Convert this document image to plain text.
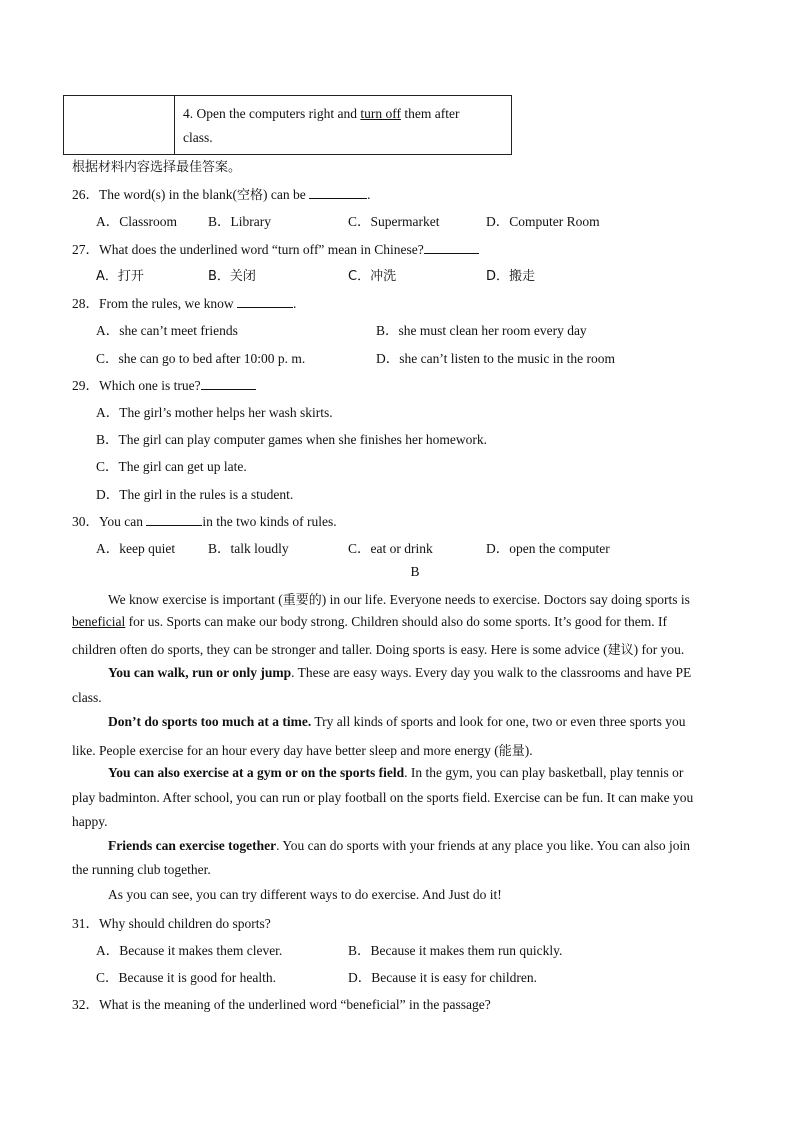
4. Open the computers right and turn off them after
class.
根据材料内容选择最佳答案。
26．The word(s) in the blank(空格) can be	.
A．Classroom B．Library	C．Supermarket	D．Computer Room
27．What does the underlined word “turn off” mean in Chinese?
A．打开	B．关闭	C．冲洗	D．搬走
28．From the rules, we know	.
A．she can’t meet friends	B．she must clean her room every day
C．she can go to bed after 10:00 p. m.	D．she can’t listen to the music in the room
29．Which one is true?
A．The girl’s mother helps her wash skirts.
B．The girl can play computer games when she finishes her homework.
C．The girl can get up late.
D．The girl in the rules is a student.
30．You can	in the two kinds of rules.
A．keep quiet B．talk loudly	C．eat or drink	D．open the computer
B
We know exercise is important (重要的) in our life. Everyone needs to exercise. Doctors say doing sports is
beneficial for us. Sports can make our body strong. Children should also do some sports. It’s good for them. If
children often do sports, they can be stronger and taller. Doing sports is easy. Here is some advice (建议) for you.
You can walk, run or only jump. These are easy ways. Every day you walk to the classrooms and have PE
class.
Don’t do sports too much at a time. Try all kinds of sports and look for one, two or even three sports you
like. People exercise for an hour every day have better sleep and more energy (能量).
You can also exercise at a gym or on the sports field. In the gym, you can play basketball, play tennis or
play badminton. After school, you can run or play football on the sports field. Exercise can be fun. It can make you
happy.
Friends can exercise together. You can do sports with your friends at any place you like. You can also join
the running club together.
As you can see, you can try different ways to do exercise. And Just do it!
31．Why should children do sports?
A．Because it makes them clever.	B．Because it makes them run quickly.
C．Because it is good for health.	D．Because it is easy for children.
32．What is the meaning of the underlined word “beneficial” in the passage?
